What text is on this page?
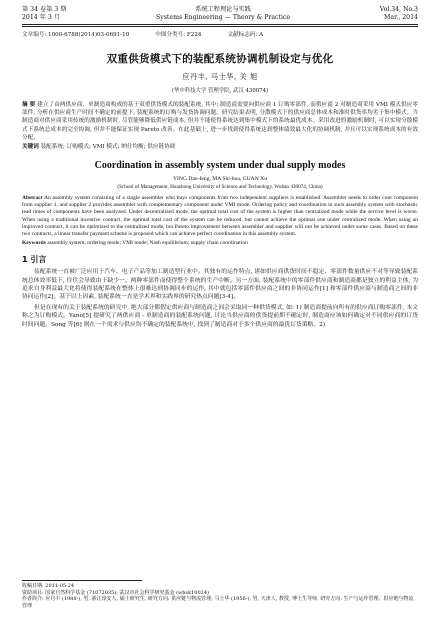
第 34 卷第 3 期
2014 年 3 月
系统工程理论与实践
Systems Engineering — Theory & Practice
Vol.34, No.3
Mar., 2014
文章编号: 1000-6788(2014)03-0691-10	中图分类号: F224	文献标志码: A
双重供货模式下的装配系统协调机制设定与优化
应丹丰, 马士华, 关 旭
(华中科技大学 管理学院, 武汉 430074)

摘 要 建立了由两供应商、单制造商构成的基于双重供货模式的装配系统, 其中: 制造商需要向供应商 1 订购零部件, 而供应商 2 对制造商采用 VMI 模式供应零部件, 分析在供应商生产时间不确定的前提下, 装配系统的订购与发货协调问题。研究结果表明, 分散模式下的供应商总体成本和准时供货率均劣于集中模式。当制造商对供应商采用传统的激励机制时, 尽管能够降低供应链成本, 但并不能使得系统达到集中模式下的系统最优成本。采用改进的激励机制时, 可以实现分散模式下系统总成本的完全协调, 但并不能保证实现 Pareto 改善。在此基础上, 进一步找到使得系统达到整体绩效最大化的协调机制, 并且可以实现系统成本的有效分配。

关键词 装配系统; 订购模式; VMI 模式; 纳什均衡; 供应链协调

Coordination in assembly system under dual supply modes
YING Dan-feng, MA Shi-hua, GUAN Xu
(School of Management, Huazhong University of Science and Technology, Wuhan 430074, China)

Abstract An assembly system consisting of a single assembler who buys components from two independent suppliers is established. Assembler needs to order core component from supplier 1, and supplier 2 provides assembler with complementary component under VMI mode. Ordering policy and coordination in such assembly system with stochastic lead times of components have been analyzed. Under decentralized mode, the optimal total cost of the system is higher than centralized mode while the service level is worse. When using a traditional incentive contract, the optimal total cost of the system can be reduced, but cannot achieve the optimal one under centralized mode. When using an improved contract, it can be optimized to the centralized mode, but Pareto improvement between assembler and supplier will not be achieved under some cases. Based on these two contracts, a linear transfer payment scheme is proposed which can achieve perfect coordination in this assembly system.

Keywords assembly system; ordering mode; VMI mode; Nash equilibrium; supply chain coordination

1 引言

装配系统一直被广泛应用于汽车、电子产品等加工制造型行业中。其独有的运作特点, 诸如供应商供货时间不稳定、零部件数量供应不对等导致装配系统总体效率低下, 往往会导致由于缺少一、两种零部件而使得整个系统的生产中断。另一方面, 装配系统中的零部件供应商和制造商都是独立的利益主体, 为追求自身利益最大化将使得装配系统在整体上很难达到协调同步的运作, 其中就包括零部件供应商之间的非协同运作[1] 和零部件供应商与制造商之间的非协同运作[2]。基于以上因素, 装配系统一直是学术界和实践界的研究热点问题[3-4]。

但是在现有的关于装配系统的研究中, 绝大部分都假定供应商与制造商之间会采取同一种供货模式, 如: 1) 制造商提前向所有的供应商订购零部件, 本文称之为订购模式。Yano[5] 提研究了两供应商 - 单制造商的装配系统问题, 讨论当供应商的供货提前期不确定时, 制造商应该如何确定对不同供应商的订货时间问题。Song 等[6] 则在一个需求与供应均不确定的装配系统中, 找到了制造商对于多个供应商的最优订货策略。2)

收稿日期: 2011-05-24
资助项目: 国家自然科学基金 (71072035); 武汉市社会科学研究基金 (whsk10024)
作者简介: 应丹丰 (1988-), 男, 浙江淳安人, 硕士研究生, 研究方向: 供应链与物流管理; 马士华 (1956-), 男, 天津人, 教授, 博士生导师, 研究方向: 生产与运作管理、供应链与物流管理
